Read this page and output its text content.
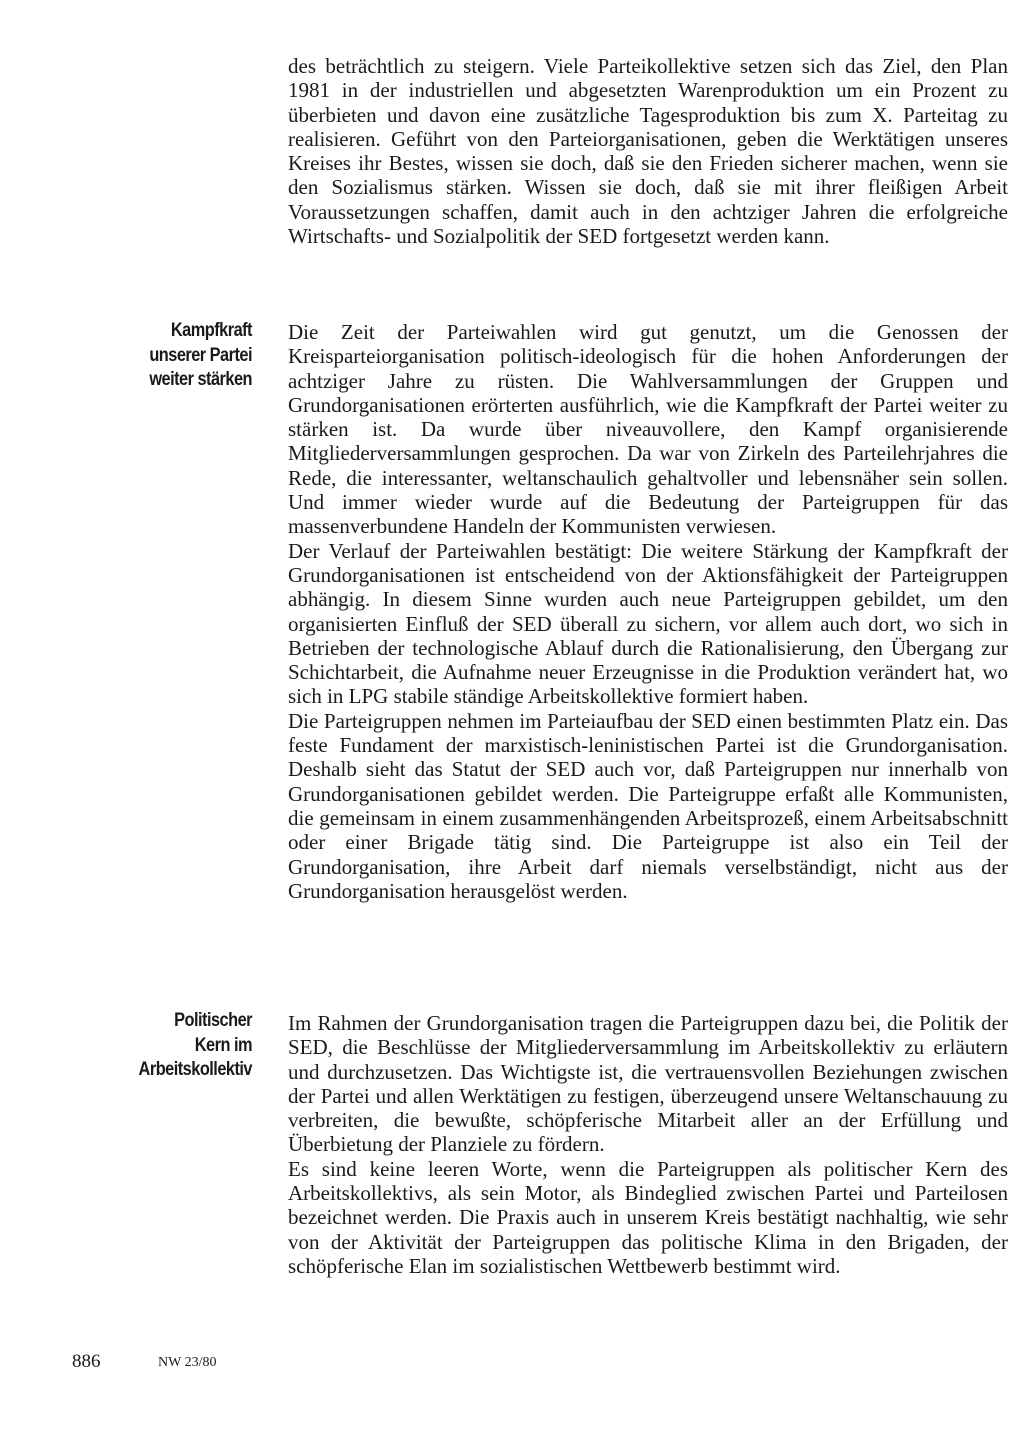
des beträchtlich zu steigern. Viele Parteikollektive setzen sich das Ziel, den Plan 1981 in der industriellen und abgesetzten Warenproduktion um ein Prozent zu überbieten und davon eine zusätzliche Tagesproduktion bis zum X. Parteitag zu realisieren. Geführt von den Parteiorganisationen, geben die Werktätigen unseres Kreises ihr Bestes, wissen sie doch, daß sie den Frieden sicherer machen, wenn sie den Sozialismus stärken. Wissen sie doch, daß sie mit ihrer fleißigen Arbeit Voraussetzungen schaffen, damit auch in den achtziger Jahren die erfolgreiche Wirtschafts- und Sozialpolitik der SED fortgesetzt werden kann.

Kampfkraft
unserer Partei
weiter stärken

Die Zeit der Parteiwahlen wird gut genutzt, um die Genossen der Kreisparteiorganisation politisch-ideologisch für die hohen Anforderungen der achtziger Jahre zu rüsten. Die Wahlversammlungen der Gruppen und Grundorganisationen erörterten ausführlich, wie die Kampfkraft der Partei weiter zu stärken ist. Da wurde über niveauvollere, den Kampf organisierende Mitgliederversammlungen gesprochen. Da war von Zirkeln des Parteilehrjahres die Rede, die interessanter, weltanschaulich gehaltvoller und lebensnäher sein sollen. Und immer wieder wurde auf die Bedeutung der Parteigruppen für das massenverbundene Handeln der Kommunisten verwiesen.

Der Verlauf der Parteiwahlen bestätigt: Die weitere Stärkung der Kampfkraft der Grundorganisationen ist entscheidend von der Aktionsfähigkeit der Parteigruppen abhängig. In diesem Sinne wurden auch neue Parteigruppen gebildet, um den organisierten Einfluß der SED überall zu sichern, vor allem auch dort, wo sich in Betrieben der technologische Ablauf durch die Rationalisierung, den Übergang zur Schichtarbeit, die Aufnahme neuer Erzeugnisse in die Produktion verändert hat, wo sich in LPG stabile ständige Arbeitskollektive formiert haben.

Die Parteigruppen nehmen im Parteiaufbau der SED einen bestimmten Platz ein. Das feste Fundament der marxistisch-leninistischen Partei ist die Grundorganisation. Deshalb sieht das Statut der SED auch vor, daß Parteigruppen nur innerhalb von Grundorganisationen gebildet werden. Die Parteigruppe erfaßt alle Kommunisten, die gemeinsam in einem zusammenhängenden Arbeitsprozeß, einem Arbeitsabschnitt oder einer Brigade tätig sind. Die Parteigruppe ist also ein Teil der Grundorganisation, ihre Arbeit darf niemals verselbständigt, nicht aus der Grundorganisation herausgelöst werden.

Politischer
Kern im
Arbeitskollektiv

Im Rahmen der Grundorganisation tragen die Parteigruppen dazu bei, die Politik der SED, die Beschlüsse der Mitgliederversammlung im Arbeitskollektiv zu erläutern und durchzusetzen. Das Wichtigste ist, die vertrauensvollen Beziehungen zwischen der Partei und allen Werktätigen zu festigen, überzeugend unsere Weltanschauung zu verbreiten, die bewußte, schöpferische Mitarbeit aller an der Erfüllung und Überbietung der Planziele zu fördern.

Es sind keine leeren Worte, wenn die Parteigruppen als politischer Kern des Arbeitskollektivs, als sein Motor, als Bindeglied zwischen Partei und Parteilosen bezeichnet werden. Die Praxis auch in unserem Kreis bestätigt nachhaltig, wie sehr von der Aktivität der Parteigruppen das politische Klima in den Brigaden, der schöpferische Elan im sozialistischen Wettbewerb bestimmt wird.

886	NW 23/80
